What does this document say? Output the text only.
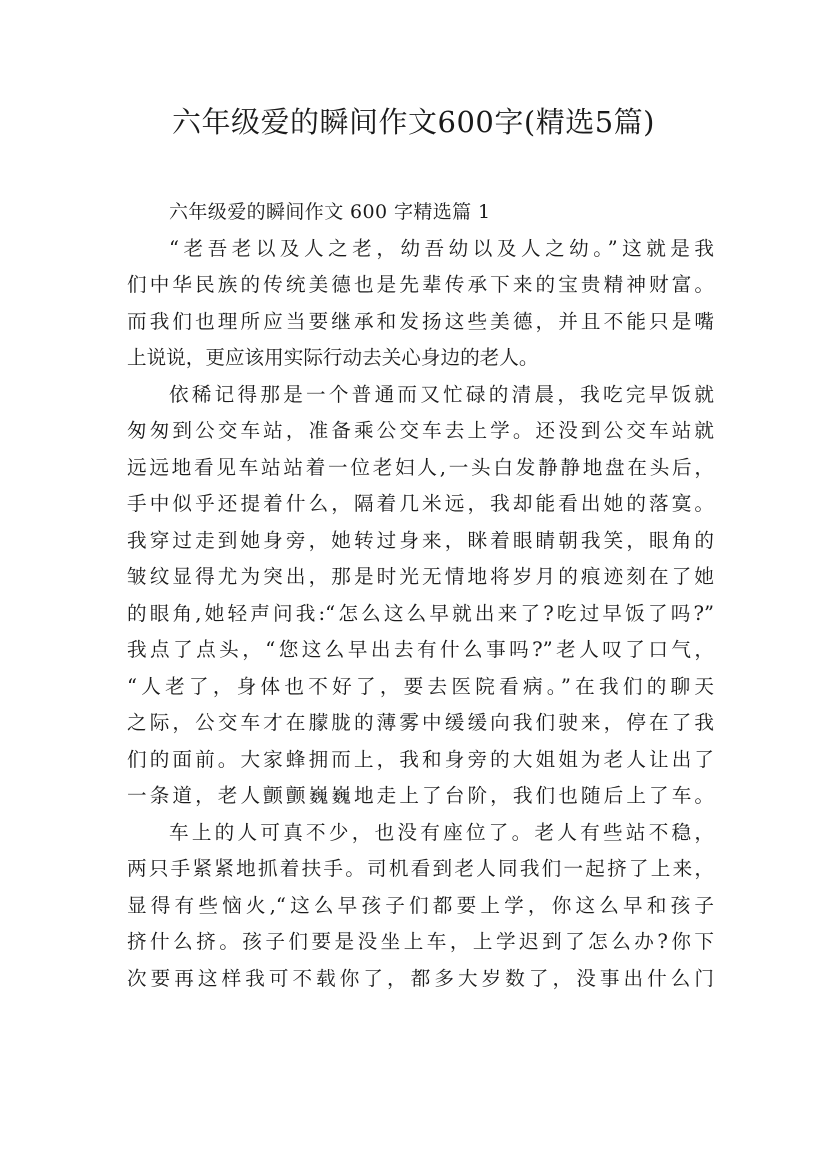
六年级爱的瞬间作文600字(精选5篇)

六年级爱的瞬间作文 600 字精选篇 1

“老吾老以及人之老，幼吾幼以及人之幼。”这就是我

们中华民族的传统美德也是先辈传承下来的宝贵精神财富。

而我们也理所应当要继承和发扬这些美德，并且不能只是嘴

上说说，更应该用实际行动去关心身边的老人。

依稀记得那是一个普通而又忙碌的清晨，我吃完早饭就

匆匆到公交车站，准备乘公交车去上学。还没到公交车站就

远远地看见车站站着一位老妇人,一头白发静静地盘在头后，

手中似乎还提着什么，隔着几米远，我却能看出她的落寞。

我穿过走到她身旁，她转过身来，眯着眼睛朝我笑，眼角的

皱纹显得尤为突出，那是时光无情地将岁月的痕迹刻在了她

的眼角,她轻声问我:“怎么这么早就出来了?吃过早饭了吗?”

我点了点头，“您这么早出去有什么事吗?”老人叹了口气，

“人老了，身体也不好了，要去医院看病。”在我们的聊天

之际，公交车才在朦胧的薄雾中缓缓向我们驶来，停在了我

们的面前。大家蜂拥而上，我和身旁的大姐姐为老人让出了

一条道，老人颤颤巍巍地走上了台阶，我们也随后上了车。

车上的人可真不少，也没有座位了。老人有些站不稳，

两只手紧紧地抓着扶手。司机看到老人同我们一起挤了上来，

显得有些恼火,“这么早孩子们都要上学，你这么早和孩子

挤什么挤。孩子们要是没坐上车，上学迟到了怎么办?你下

次要再这样我可不载你了，都多大岁数了，没事出什么门
